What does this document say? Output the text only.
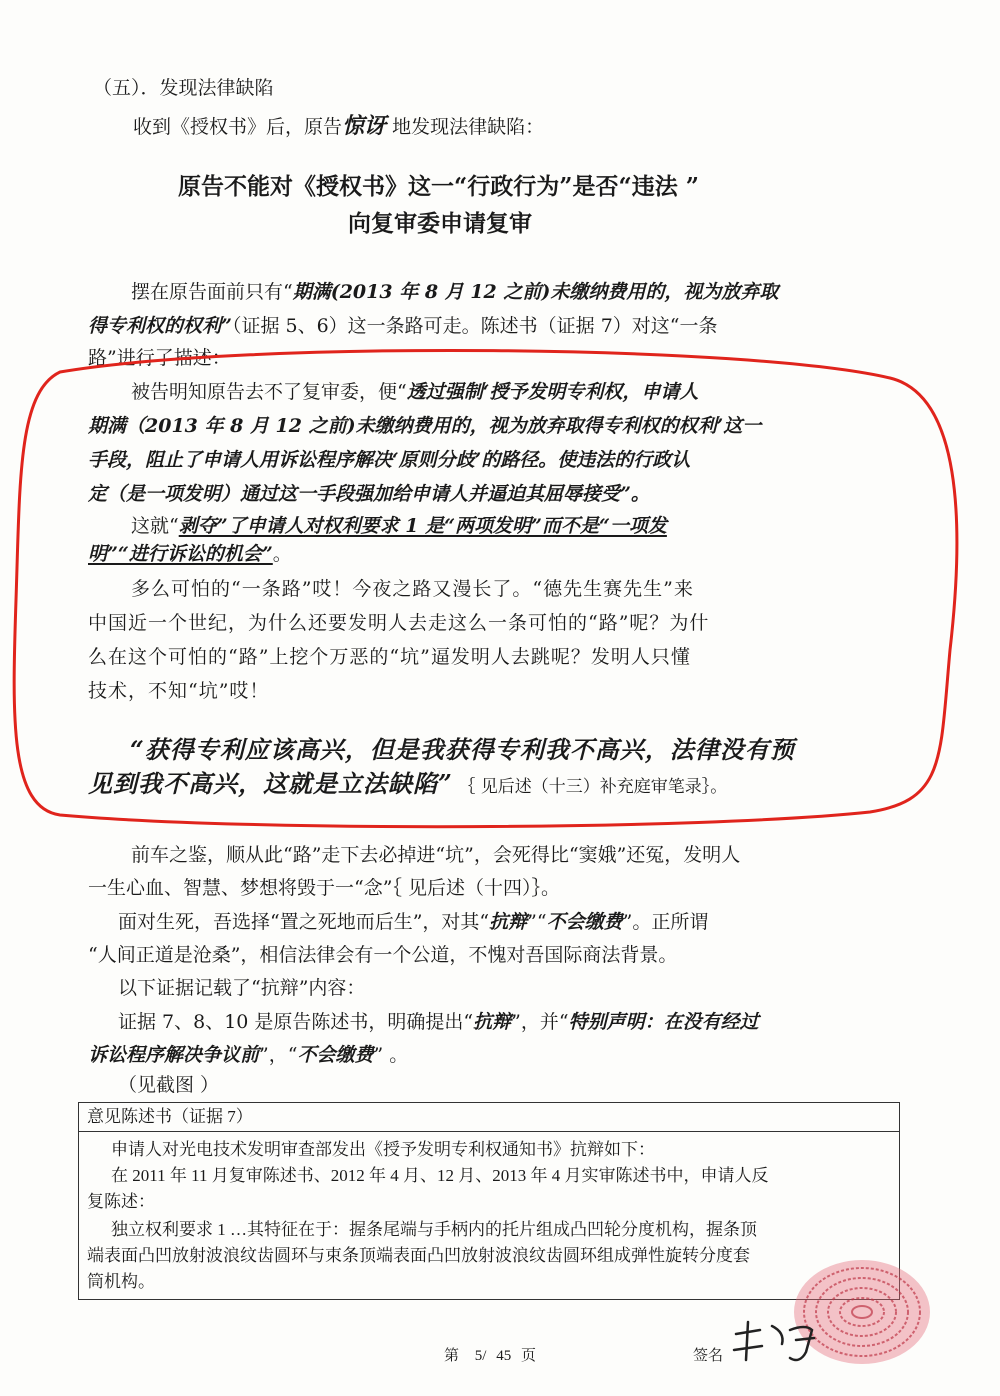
（五）．发现法律缺陷
收到《授权书》后，原告惊讶 地发现法律缺陷：
原告不能对《授权书》这一“行政行为”是否“违法 ”
向复审委申请复审
摆在原告面前只有“期满(2013 年 8 月 12 之前)未缴纳费用的，视为放弃取
得专利权的权利”（证据 5、6）这一条路可走。陈述书（证据 7）对这“一条
路”进行了描述：
被告明知原告去不了复审委，便“透过强制‘授予发明专利权，申请人
期满（2013 年 8 月 12 之前)未缴纳费用的，视为放弃取得专利权的权利’这一
手段，阻止了申请人用诉讼程序解决‘原则分歧’的路径。使违法的行政认
定（是一项发明）通过这一手段强加给申请人并逼迫其屈辱接受”。
这就“剥夺”了申请人对权利要求 1 是“两项发明”而不是“一项发
明”“进行诉讼的机会”。
多么可怕的“一条路”哎！今夜之路又漫长了。“德先生赛先生”来
中国近一个世纪，为什么还要发明人去走这么一条可怕的“路”呢？为什
么在这个可怕的“路”上挖个万恶的“坑”逼发明人去跳呢？发明人只懂
技术，不知“坑”哎！
“获得专利应该高兴，但是我获得专利我不高兴，法律没有预
见到我不高兴，这就是立法缺陷” ｛ 见后述（十三）补充庭审笔录｝。
前车之鉴，顺从此“路”走下去必掉进“坑”，会死得比“窦娥”还冤，发明人
一生心血、智慧、梦想将毁于一“念”｛ 见后述（十四）｝。
面对生死，吾选择“置之死地而后生”，对其“抗辩”“不会缴费”。正所谓
“人间正道是沧桑”，相信法律会有一个公道，不愧对吾国际商法背景。
以下证据记载了“抗辩”内容：
证据 7、8、10 是原告陈述书，明确提出“抗辩”，并“特别声明：在没有经过
诉讼程序解决争议前”，“不会缴费” 。
（见截图 ）
意见陈述书（证据 7）
申请人对光电技术发明审查部发出《授予发明专利权通知书》抗辩如下：
在 2011 年 11 月复审陈述书、2012 年 4 月、12 月、2013 年 4 月实审陈述书中，申请人反
复陈述：
独立权利要求 1 …其特征在于：握条尾端与手柄内的托片组成凸凹轮分度机构，握条顶
端表面凸凹放射波浪纹齿圆环与束条顶端表面凸凹放射波浪纹齿圆环组成弹性旋转分度套
筒机构。
第 5/ 45 页	签名
